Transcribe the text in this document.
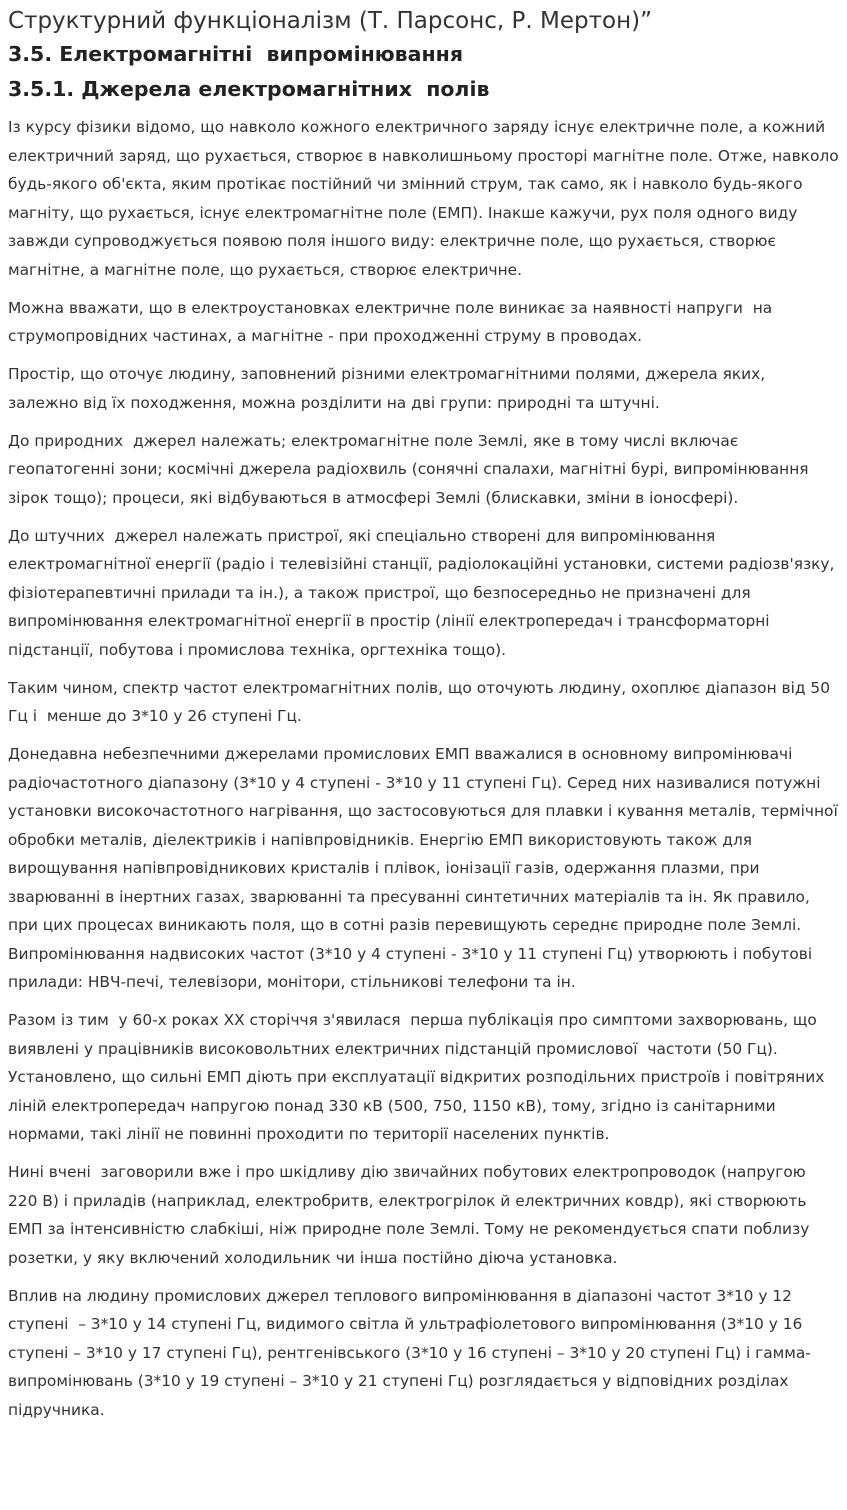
Структурний функціоналізм (Т. Парсонс, Р. Мертон)”
3.5. Електромагнітні  випромінювання
3.5.1. Джерела електромагнітних  полів

Із курсу фізики відомо, що навколо кожного електричного заряду існує електричне поле, а кожний електричний заряд, що рухається, створює в навколишньому просторі магнітне поле. Отже, навколо будь-якого об'єкта, яким протікає постійний чи змінний струм, так само, як і навколо будь-якого магніту, що рухається, існує електромагнітне поле (ЕМП). Інакше кажучи, рух поля одного виду завжди супроводжується появою поля іншого виду: електричне поле, що рухається, створює магнітне, а магнітне поле, що рухається, створює електричне.

Можна вважати, що в електроустановках електричне поле виникає за наявності напруги  на струмопровідних частинах, а магнітне - при проходженні струму в проводах.

Простір, що оточує людину, заповнений різними електромагнітними полями, джерела яких, залежно від їх походження, можна розділити на дві групи: природні та штучні.

До природних  джерел належать; електромагнітне поле Землі, яке в тому числі включає геопатогенні зони; космічні джерела радіохвиль (сонячні спалахи, магнітні бурі, випромінювання зірок тощо); процеси, які відбуваються в атмосфері Землі (блискавки, зміни в іоносфері).

До штучних  джерел належать пристрої, які спеціально створені для випромінювання електромагнітної енергії (радіо і телевізійні станції, радіолокаційні установки, системи радіозв'язку, фізіотерапевтичні прилади та ін.), а також пристрої, що безпосередньо не призначені для випромінювання електромагнітної енергії в простір (лінії електропередач і трансформаторні підстанції, побутова і промислова техніка, оргтехніка тощо).

Таким чином, спектр частот електромагнітних полів, що оточують людину, охоплює діапазон від 50 Гц і  менше до 3*10 у 26 ступені Гц.

Донедавна небезпечними джерелами промислових ЕМП вважалися в основному випромінювачі радіочастотного діапазону (3*10 у 4 ступені - 3*10 у 11 ступені Гц). Серед них називалися потужні установки високочастотного нагрівання, що застосовуються для плавки і кування металів, термічної обробки металів, діелектриків і напівпровідників. Енергію ЕМП використовують також для вирощування напівпровідникових кристалів і плівок, іонізації газів, одержання плазми, при зварюванні в інертних газах, зварюванні та пресуванні синтетичних матеріалів та ін. Як правило, при цих процесах виникають поля, що в сотні разів перевищують середнє природне поле Землі. Випромінювання надвисоких частот (3*10 у 4 ступені - 3*10 у 11 ступені Гц) утворюють і побутові прилади: НВЧ-печі, телевізори, монітори, стільникові телефони та ін.

Разом із тим  у 60-х роках XX сторіччя з'явилася  перша публікація про симптоми захворювань, що виявлені у працівників високовольтних електричних підстанцій промислової  частоти (50 Гц). Установлено, що сильні ЕМП діють при експлуатації відкритих розподільних пристроїв і повітряних ліній електропередач напругою понад 330 кВ (500, 750, 1150 кВ), тому, згідно із санітарними нормами, такі лінії не повинні проходити по території населених пунктів.

Нині вчені  заговорили вже і про шкідливу дію звичайних побутових електропроводок (напругою 220 В) і приладів (наприклад, електробритв, електрогрілок й електричних ковдр), які створюють ЕМП за інтенсивністю слабкіші, ніж природне поле Землі. Тому не рекомендується спати поблизу розетки, у яку включений холодильник чи інша постійно діюча установка.

Вплив на людину промислових джерел теплового випромінювання в діапазоні частот 3*10 у 12 ступені  – 3*10 у 14 ступені Гц, видимого світла й ультрафіолетового випромінювання (3*10 у 16 ступені – 3*10 у 17 ступені Гц), рентгенівського (3*10 у 16 ступені – 3*10 у 20 ступені Гц) і гамма-випромінювань (3*10 у 19 ступені – 3*10 у 21 ступені Гц) розглядається у відповідних розділах підручника.
